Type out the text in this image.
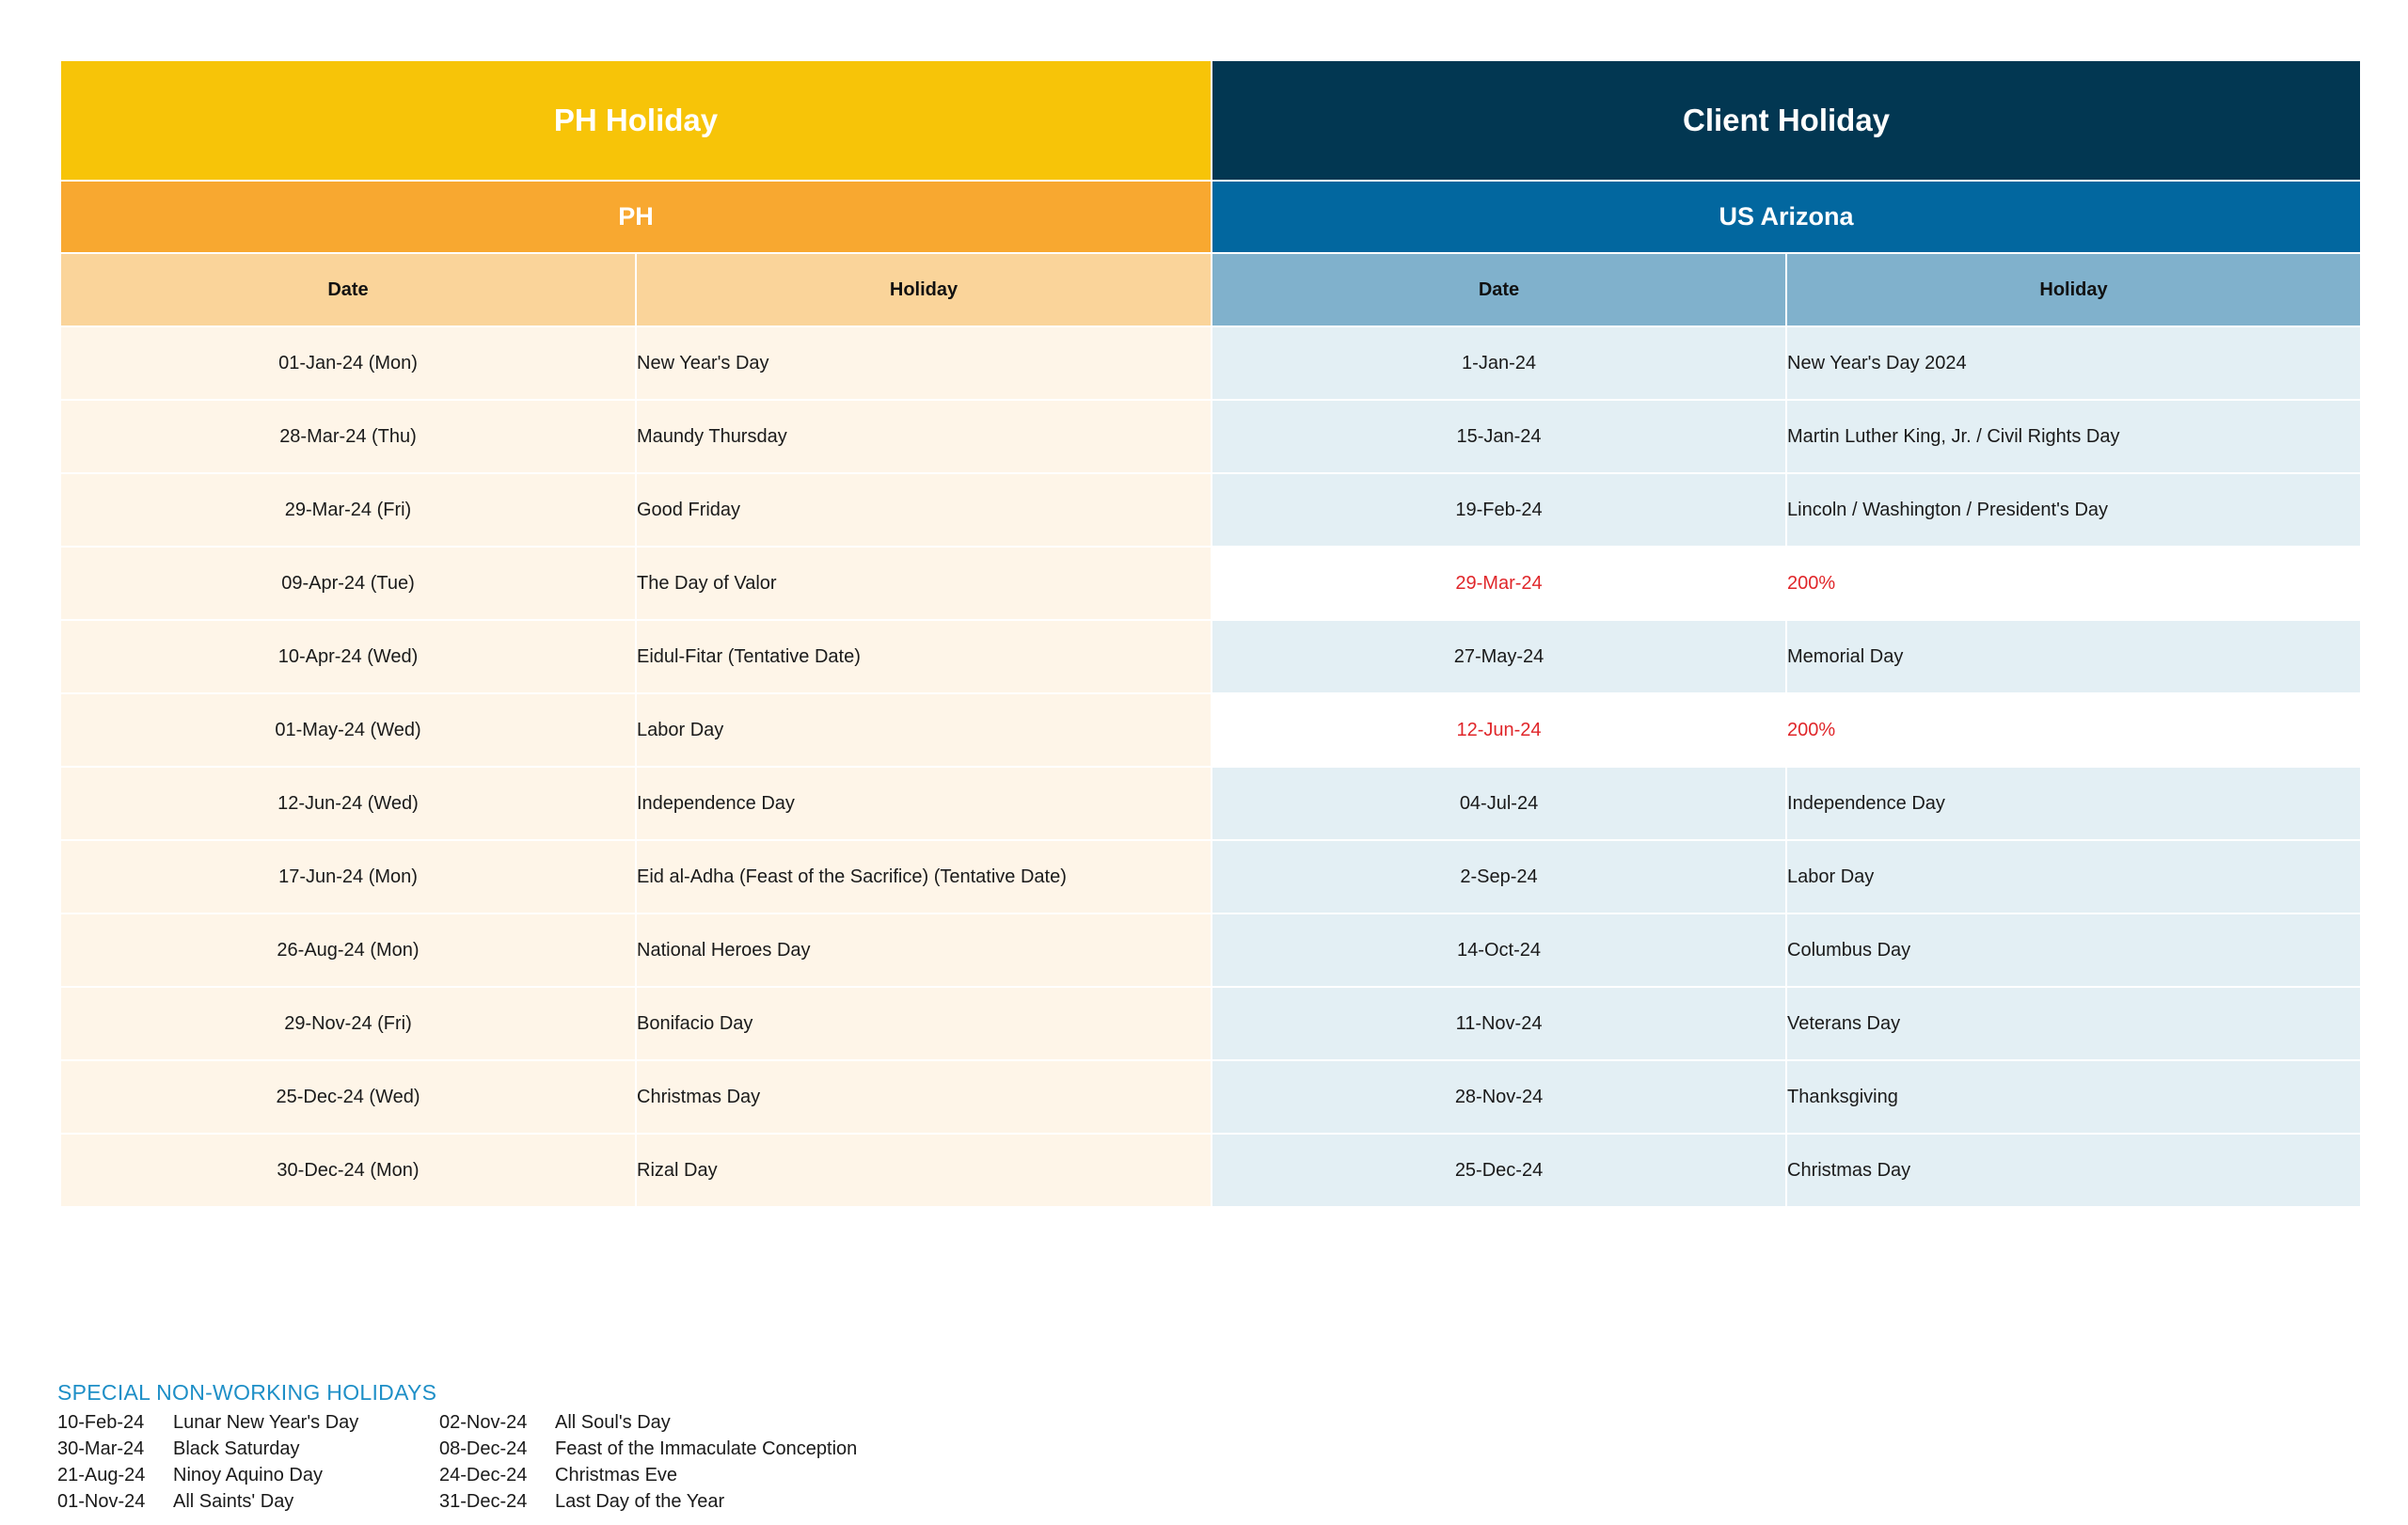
PH Holiday		Client Holiday	
PH		US Arizona	
Date	Holiday	Date	Holiday
01-Jan-24 (Mon)	New Year's Day	1-Jan-24	New Year's Day 2024
28-Mar-24 (Thu)	Maundy Thursday	15-Jan-24	Martin Luther King, Jr. / Civil Rights Day
29-Mar-24 (Fri)	Good Friday	19-Feb-24	Lincoln / Washington / President's Day
09-Apr-24 (Tue)	The Day of Valor	29-Mar-24	200%
10-Apr-24 (Wed)	Eidul-Fitar (Tentative Date)	27-May-24	Memorial Day
01-May-24 (Wed)	Labor Day	12-Jun-24	200%
12-Jun-24 (Wed)	Independence Day	04-Jul-24	Independence Day
17-Jun-24 (Mon)	Eid al-Adha (Feast of the Sacrifice) (Tentative Date)	2-Sep-24	Labor Day
26-Aug-24 (Mon)	National Heroes Day	14-Oct-24	Columbus Day
29-Nov-24 (Fri)	Bonifacio Day	11-Nov-24	Veterans Day
25-Dec-24 (Wed)	Christmas Day	28-Nov-24	Thanksgiving
30-Dec-24 (Mon)	Rizal Day	25-Dec-24	Christmas Day
SPECIAL NON-WORKING HOLIDAYS
10-Feb-24 Lunar New Year's Day
30-Mar-24 Black Saturday
21-Aug-24 Ninoy Aquino Day
01-Nov-24 All Saints' Day
02-Nov-24 All Soul's Day
08-Dec-24 Feast of the Immaculate Conception
24-Dec-24 Christmas Eve
31-Dec-24 Last Day of the Year
